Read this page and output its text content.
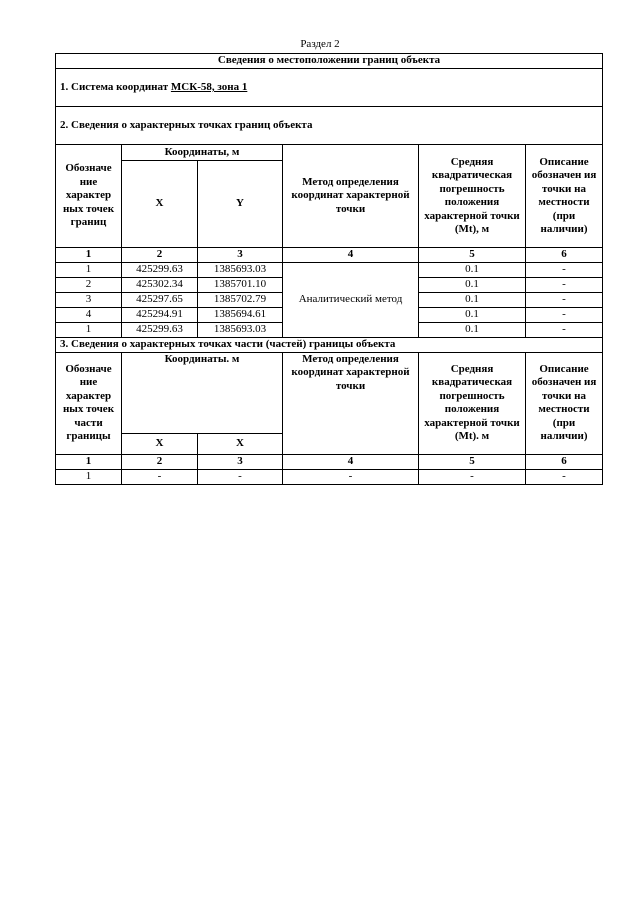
Раздел 2
Сведения о местоположении границ объекта					
1. Система координат МСК-58, зона 1					
2. Сведения о характерных точках границ объекта					
Обозначе ние характер ных точек границ	Координаты, м		Метод определения координат характерной точки	Средняя квадратическая погрешность положения характерной точки (Mt), м	Описание обозначен ия точки на местности (при наличии)
	X	Y			
1	2	3	4	5	6
1	425299.63	1385693.03	Аналитический метод	0.1	-
2	425302.34	1385701.10		0.1	-
3	425297.65	1385702.79		0.1	-
4	425294.91	1385694.61		0.1	-
1	425299.63	1385693.03		0.1	-
3. Сведения о характерных точках части (частей) границы объекта					
Обозначе ние характер ных точек части границы	Координаты. м		Метод определения координат характерной точки	Средняя квадратическая погрешность положения характерной точки (Mt). м	Описание обозначен ия точки на местности (при наличии)
	X	X			
1	2	3	4	5	6
1	-	-	-	-	-
